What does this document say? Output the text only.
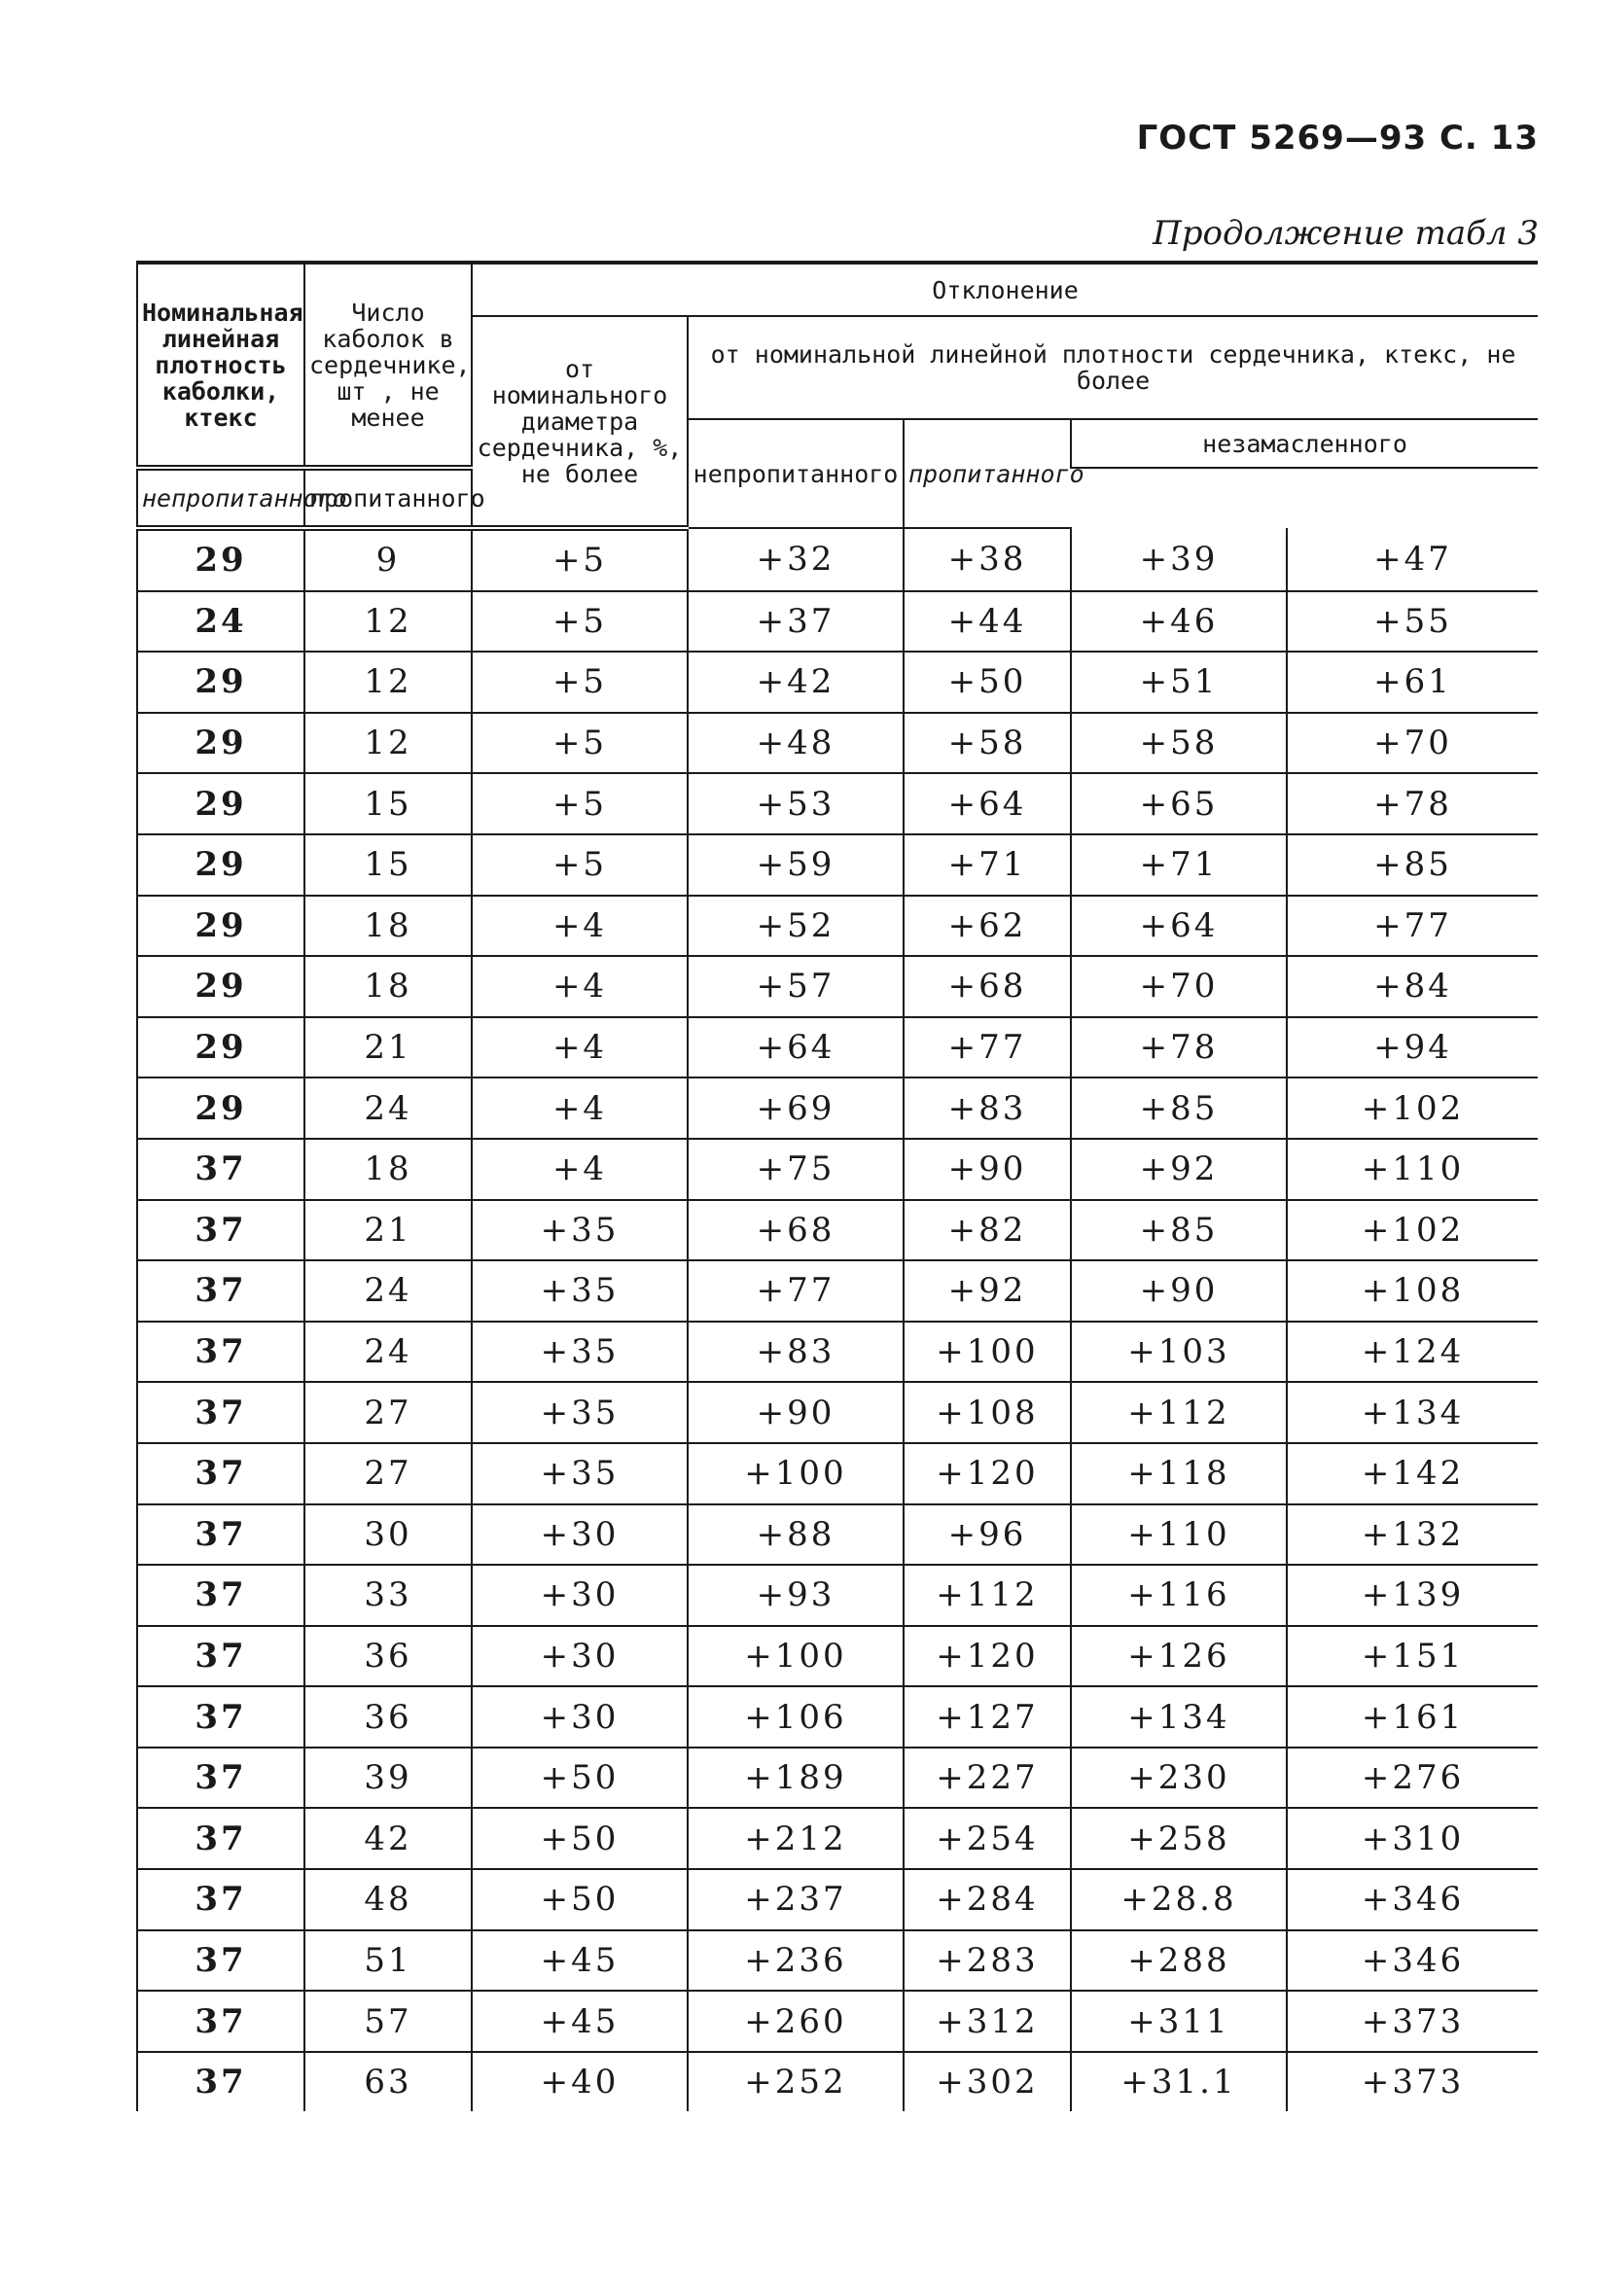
ГОСТ 5269—93 С. 13
Продолжение табл 3
Номинальная линейная плотность каболки, ктекс	Число каболок в сердечнике, шт , не менее	Отклонение				
		от номинального диаметра сердечника, %, не более	от номинальной линейной плотности сердечника, ктекс, не более			
			непропитанного	пропитанного	незамасленного	
непропитанного	пропитанного					
29	9	+5	+32	+38	+39	+47
24	12	+5	+37	+44	+46	+55
29	12	+5	+42	+50	+51	+61
29	12	+5	+48	+58	+58	+70
29	15	+5	+53	+64	+65	+78
29	15	+5	+59	+71	+71	+85
29	18	+4	+52	+62	+64	+77
29	18	+4	+57	+68	+70	+84
29	21	+4	+64	+77	+78	+94
29	24	+4	+69	+83	+85	+102
37	18	+4	+75	+90	+92	+110
37	21	+35	+68	+82	+85	+102
37	24	+35	+77	+92	+90	+108
37	24	+35	+83	+100	+103	+124
37	27	+35	+90	+108	+112	+134
37	27	+35	+100	+120	+118	+142
37	30	+30	+88	+96	+110	+132
37	33	+30	+93	+112	+116	+139
37	36	+30	+100	+120	+126	+151
37	36	+30	+106	+127	+134	+161
37	39	+50	+189	+227	+230	+276
37	42	+50	+212	+254	+258	+310
37	48	+50	+237	+284	+28.8	+346
37	51	+45	+236	+283	+288	+346
37	57	+45	+260	+312	+311	+373
37	63	+40	+252	+302	+31.1	+373
